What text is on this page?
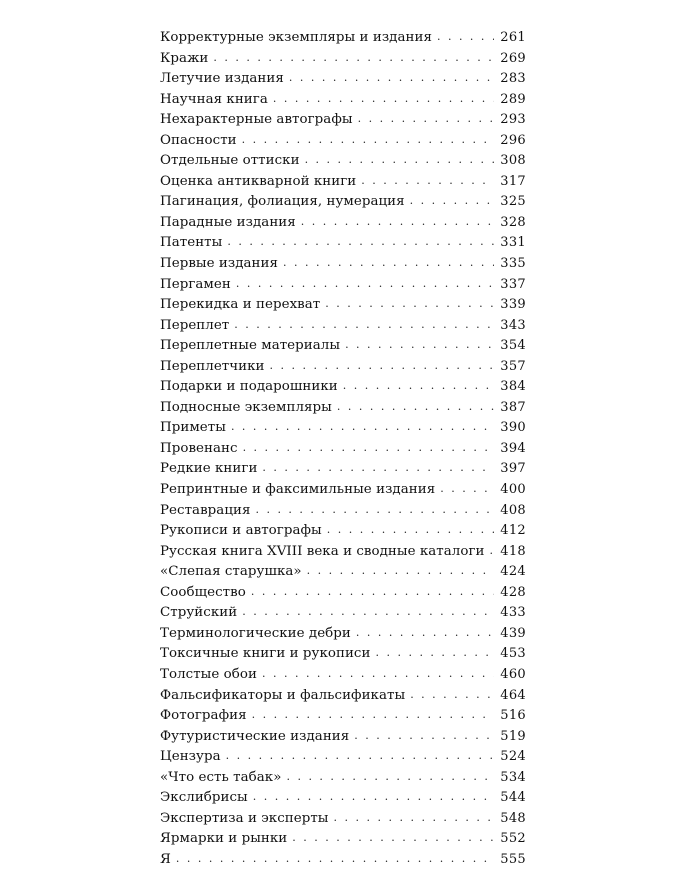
Корректурные экземпляры и издания . . .	261
Кражи . . .	269
Летучие издания . . .	283
Научная книга . . .	289
Нехарактерные автографы . . .	293
Опасности . . .	296
Отдельные оттиски . . .	308
Оценка антикварной книги . . .	317
Пагинация, фолиация, нумерация . . .	325
Парадные издания . . .	328
Патенты . . .	331
Первые издания . . .	335
Пергамен . . .	337
Перекидка и перехват . . .	339
Переплет . . .	343
Переплетные материалы . . .	354
Переплетчики . . .	357
Подарки и подарошники . . .	384
Подносные экземпляры . . .	387
Приметы . . .	390
Провенанс . . .	394
Редкие книги . . .	397
Репринтные и факсимильные издания . . .	400
Реставрация . . .	408
Рукописи и автографы . . .	412
Русская книга XVIII века и сводные каталоги . . . 418
«Слепая старушка» . . .	424
Сообщество . . .	428
Струйский . . .	433
Терминологические дебри . . .	439
Токсичные книги и рукописи . . .	453
Толстые обои . . .	460
Фальсификаторы и фальсификаты . . .	464
Фотография . . .	516
Футуристические издания . . .	519
Цензура . . .	524
«Что есть табак» . . .	534
Экслибрисы . . .	544
Экспертиза и эксперты . . .	548
Ярмарки и рынки . . .	552
Я . . .	555
